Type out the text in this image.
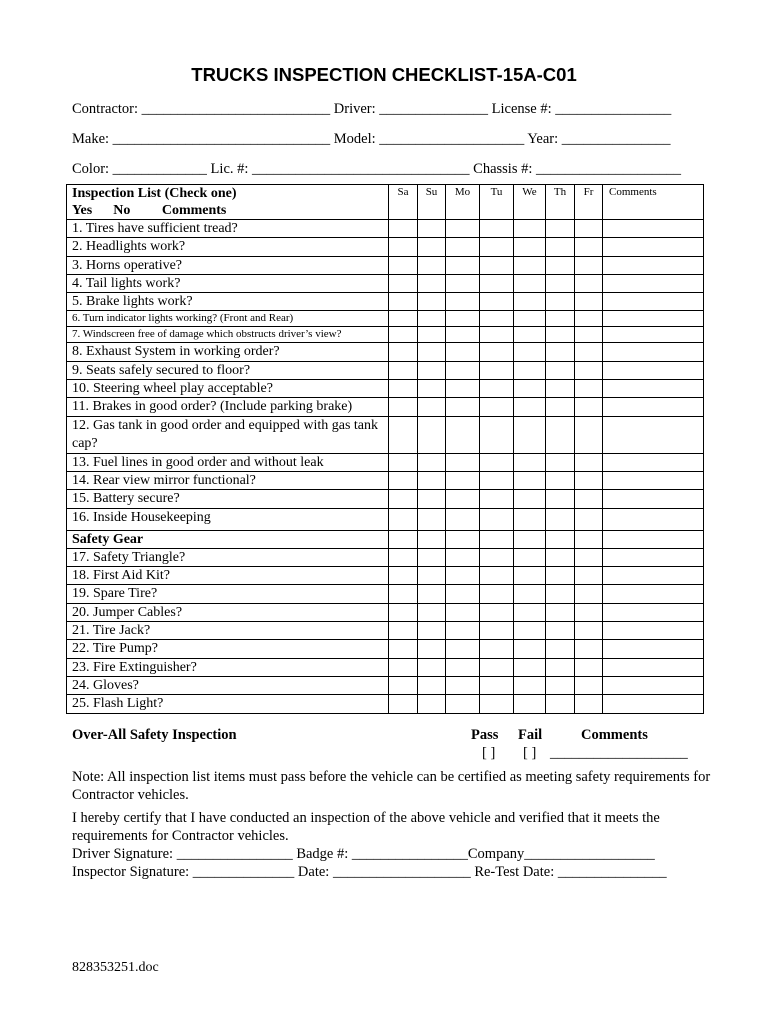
TRUCKS INSPECTION CHECKLIST-15A-C01
Contractor: __________________________ Driver: _______________ License #: ________________
Make: ______________________________ Model: ____________________ Year: _______________
Color: _____________ Lic. #: ______________________________ Chassis #: ____________________
Inspection List (Check one)
Yes      No         Comments	Sa	Su	Mo	Tu	We	Th	Fr	Comments
1. Tires have sufficient tread?								
2. Headlights work?								
3. Horns operative?								
4. Tail lights work?								
5. Brake lights work?								
6. Turn indicator lights working? (Front and Rear)								
7. Windscreen free of damage which obstructs driver’s view?								
8. Exhaust System in working order?								
9. Seats safely secured to floor?								
10. Steering wheel play acceptable?								
11. Brakes in good order? (Include parking brake)								
12. Gas tank in good order and equipped with gas tank cap?								
13. Fuel lines in good order and without leak								
14. Rear view mirror functional?								
15. Battery secure?								
16. Inside Housekeeping								
Safety Gear								
17. Safety Triangle?								
18. First Aid Kit?								
19. Spare Tire?								
20. Jumper Cables?								
21. Tire Jack?								
22. Tire Pump?								
23. Fire Extinguisher?								
24. Gloves?								
25. Flash Light?								
Over-All Safety Inspection	Pass Fail	Comments
[ ] [ ] ___________________
Note: All inspection list items must pass before the vehicle can be certified as meeting safety requirements for Contractor vehicles.
I hereby certify that I have conducted an inspection of the above vehicle and verified that it meets the requirements for Contractor vehicles.
Driver Signature: ________________ Badge #: ________________Company__________________
Inspector Signature: ______________ Date: ___________________ Re-Test Date: _______________
828353251.doc
